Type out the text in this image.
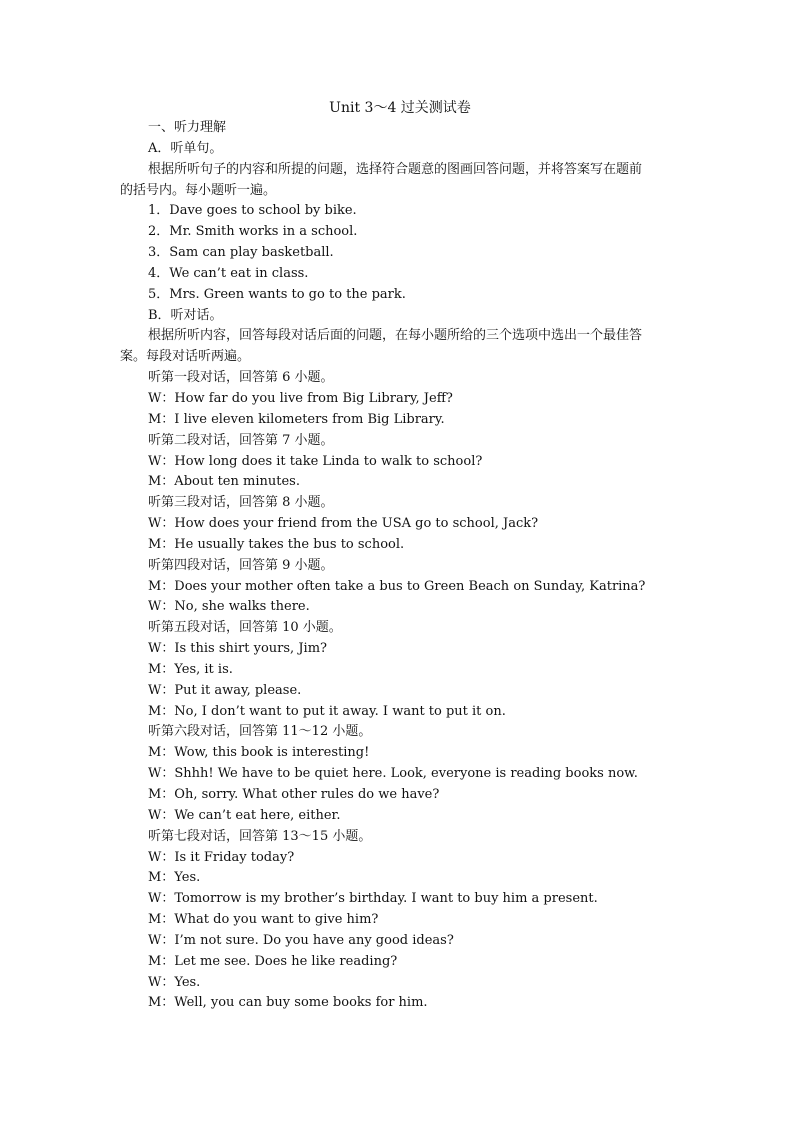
Unit 3～4 过关测试卷
一、听力理解
A．听单句。
根据所听句子的内容和所提的问题，选择符合题意的图画回答问题，并将答案写在题前
的括号内。每小题听一遍。
1．Dave goes to school by bike.
2．Mr. Smith works in a school.
3．Sam can play basketball.
4．We can’t eat in class.
5．Mrs. Green wants to go to the park.
B．听对话。
根据所听内容，回答每段对话后面的问题，在每小题所给的三个选项中选出一个最佳答
案。每段对话听两遍。
听第一段对话，回答第 6 小题。
W：How far do you live from Big Library, Jeff?
M：I live eleven kilometers from Big Library.
听第二段对话，回答第 7 小题。
W：How long does it take Linda to walk to school?
M：About ten minutes.
听第三段对话，回答第 8 小题。
W：How does your friend from the USA go to school, Jack?
M：He usually takes the bus to school.
听第四段对话，回答第 9 小题。
M：Does your mother often take a bus to Green Beach on Sunday, Katrina?
W：No, she walks there.
听第五段对话，回答第 10 小题。
W：Is this shirt yours, Jim?
M：Yes, it is.
W：Put it away, please.
M：No, I don’t want to put it away. I want to put it on.
听第六段对话，回答第 11～12 小题。
M：Wow, this book is interesting!
W：Shhh! We have to be quiet here. Look, everyone is reading books now.
M：Oh, sorry. What other rules do we have?
W：We can’t eat here, either.
听第七段对话，回答第 13～15 小题。
W：Is it Friday today?
M：Yes.
W：Tomorrow is my brother’s birthday. I want to buy him a present.
M：What do you want to give him?
W：I’m not sure. Do you have any good ideas?
M：Let me see. Does he like reading?
W：Yes.
M：Well, you can buy some books for him.
